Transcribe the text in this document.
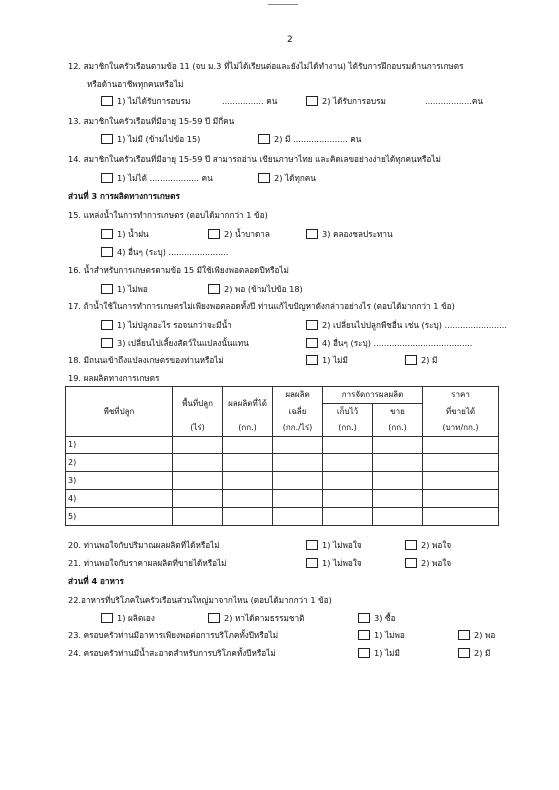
2
12. สมาชิกในครัวเรือนตามข้อ 11 (จบ ม.3 ที่ไม่ได้เรียนต่อและยังไม่ได้ทำงาน) ได้รับการฝึกอบรมด้านการเกษตร
หรือด้านอาชีพทุกคนหรือไม่
1) ไม่ได้รับการอบรม	................ คน	2) ได้รับการอบรม	..................คน
13. สมาชิกในครัวเรือนที่มีอายุ 15-59 ปี มีกี่คน
1) ไม่มี (ข้ามไปข้อ 15)	2) มี ..................... คน
14. สมาชิกในครัวเรือนที่มีอายุ 15-59 ปี สามารถอ่าน เขียนภาษาไทย และคิดเลขอย่างง่ายได้ทุกคนหรือไม่
1) ไม่ได้ ................... คน	2) ได้ทุกคน
ส่วนที่ 3 การผลิตทางการเกษตร
15. แหล่งน้ำในการทำการเกษตร (ตอบได้มากกว่า 1 ข้อ)
1) น้ำฝน	2) น้ำบาดาล	3) คลองชลประทาน
4) อื่นๆ (ระบุ) .......................
16. น้ำสำหรับการเกษตรตามข้อ 15 มีใช้เพียงพอตลอดปีหรือไม่
1) ไม่พอ	2) พอ (ข้ามไปข้อ 18)
17. ถ้าน้ำใช้ในการทำการเกษตรไม่เพียงพอตลอดทั้งปี ท่านแก้ไขปัญหาดังกล่าวอย่างไร (ตอบได้มากกว่า 1 ข้อ)
1) ไม่ปลูกอะไร รอจนกว่าจะมีน้ำ	2) เปลี่ยนไปปลูกพืชอื่น เช่น (ระบุ) ........................
3) เปลี่ยนไปเลี้ยงสัตว์ในแปลงนั้นแทน	4) อื่นๆ (ระบุ) ......................................
18. มีถนนเข้าถึงแปลงเกษตรของท่านหรือไม่	1) ไม่มี	2) มี
19. ผลผลิตทางการเกษตร
พืชที่ปลูก	พื้นที่ปลูก	ผลผลิตที่ได้	ผลผลิต	การจัดการผลผลิต		ราคา
			เฉลี่ย	เก็บไว้	ขาย	ที่ขายได้
	(ไร่)	(กก.)	(กก./ไร่)	(กก.)	(กก.)	(บาท/กก.)
1)						
2)						
3)						
4)						
5)						
20. ท่านพอใจกับปริมาณผลผลิตที่ได้หรือไม่	1) ไม่พอใจ	2) พอใจ
21. ท่านพอใจกับราคาผลผลิตที่ขายได้หรือไม่	1) ไม่พอใจ	2) พอใจ
ส่วนที่ 4 อาหาร
22.อาหารที่บริโภคในครัวเรือนส่วนใหญ่มาจากไหน (ตอบได้มากกว่า 1 ข้อ)
1) ผลิตเอง	2) หาได้ตามธรรมชาติ	3) ซื้อ
23. ครอบครัวท่านมีอาหารเพียงพอต่อการบริโภคทั้งปีหรือไม่	1) ไม่พอ	2) พอ
24. ครอบครัวท่านมีน้ำสะอาดสำหรับการบริโภคทั้งปีหรือไม่	1) ไม่มี	2) มี
